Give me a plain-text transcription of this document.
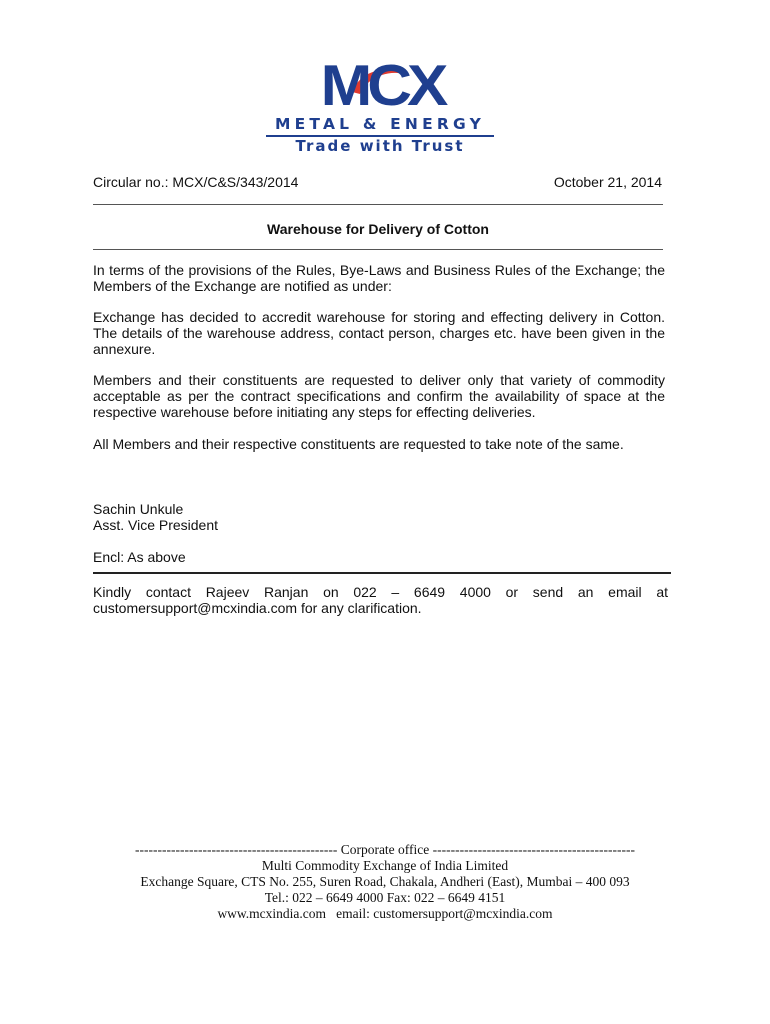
MCX
METAL & ENERGY
Trade with Trust
Circular no.: MCX/C&S/343/2014	October 21, 2014
Warehouse for Delivery of Cotton
In terms of the provisions of the Rules, Bye-Laws and Business Rules of the Exchange; the Members of the Exchange are notified as under:
Exchange has decided to accredit warehouse for storing and effecting delivery in Cotton. The details of the warehouse address, contact person, charges etc. have been given in the annexure.
Members and their constituents are requested to deliver only that variety of commodity acceptable as per the contract specifications and confirm the availability of space at the respective warehouse before initiating any steps for effecting deliveries.
All Members and their respective constituents are requested to take note of the same.
Sachin Unkule
Asst. Vice President
Encl: As above
Kindly contact Rajeev Ranjan on 022 – 6649 4000 or send an email at
customersupport@mcxindia.com for any clarification.
--------------------------------------------- Corporate office ---------------------------------------------
Multi Commodity Exchange of India Limited
Exchange Square, CTS No. 255, Suren Road, Chakala, Andheri (East), Mumbai – 400 093
Tel.: 022 – 6649 4000 Fax: 022 – 6649 4151
www.mcxindia.com   email: customersupport@mcxindia.com
